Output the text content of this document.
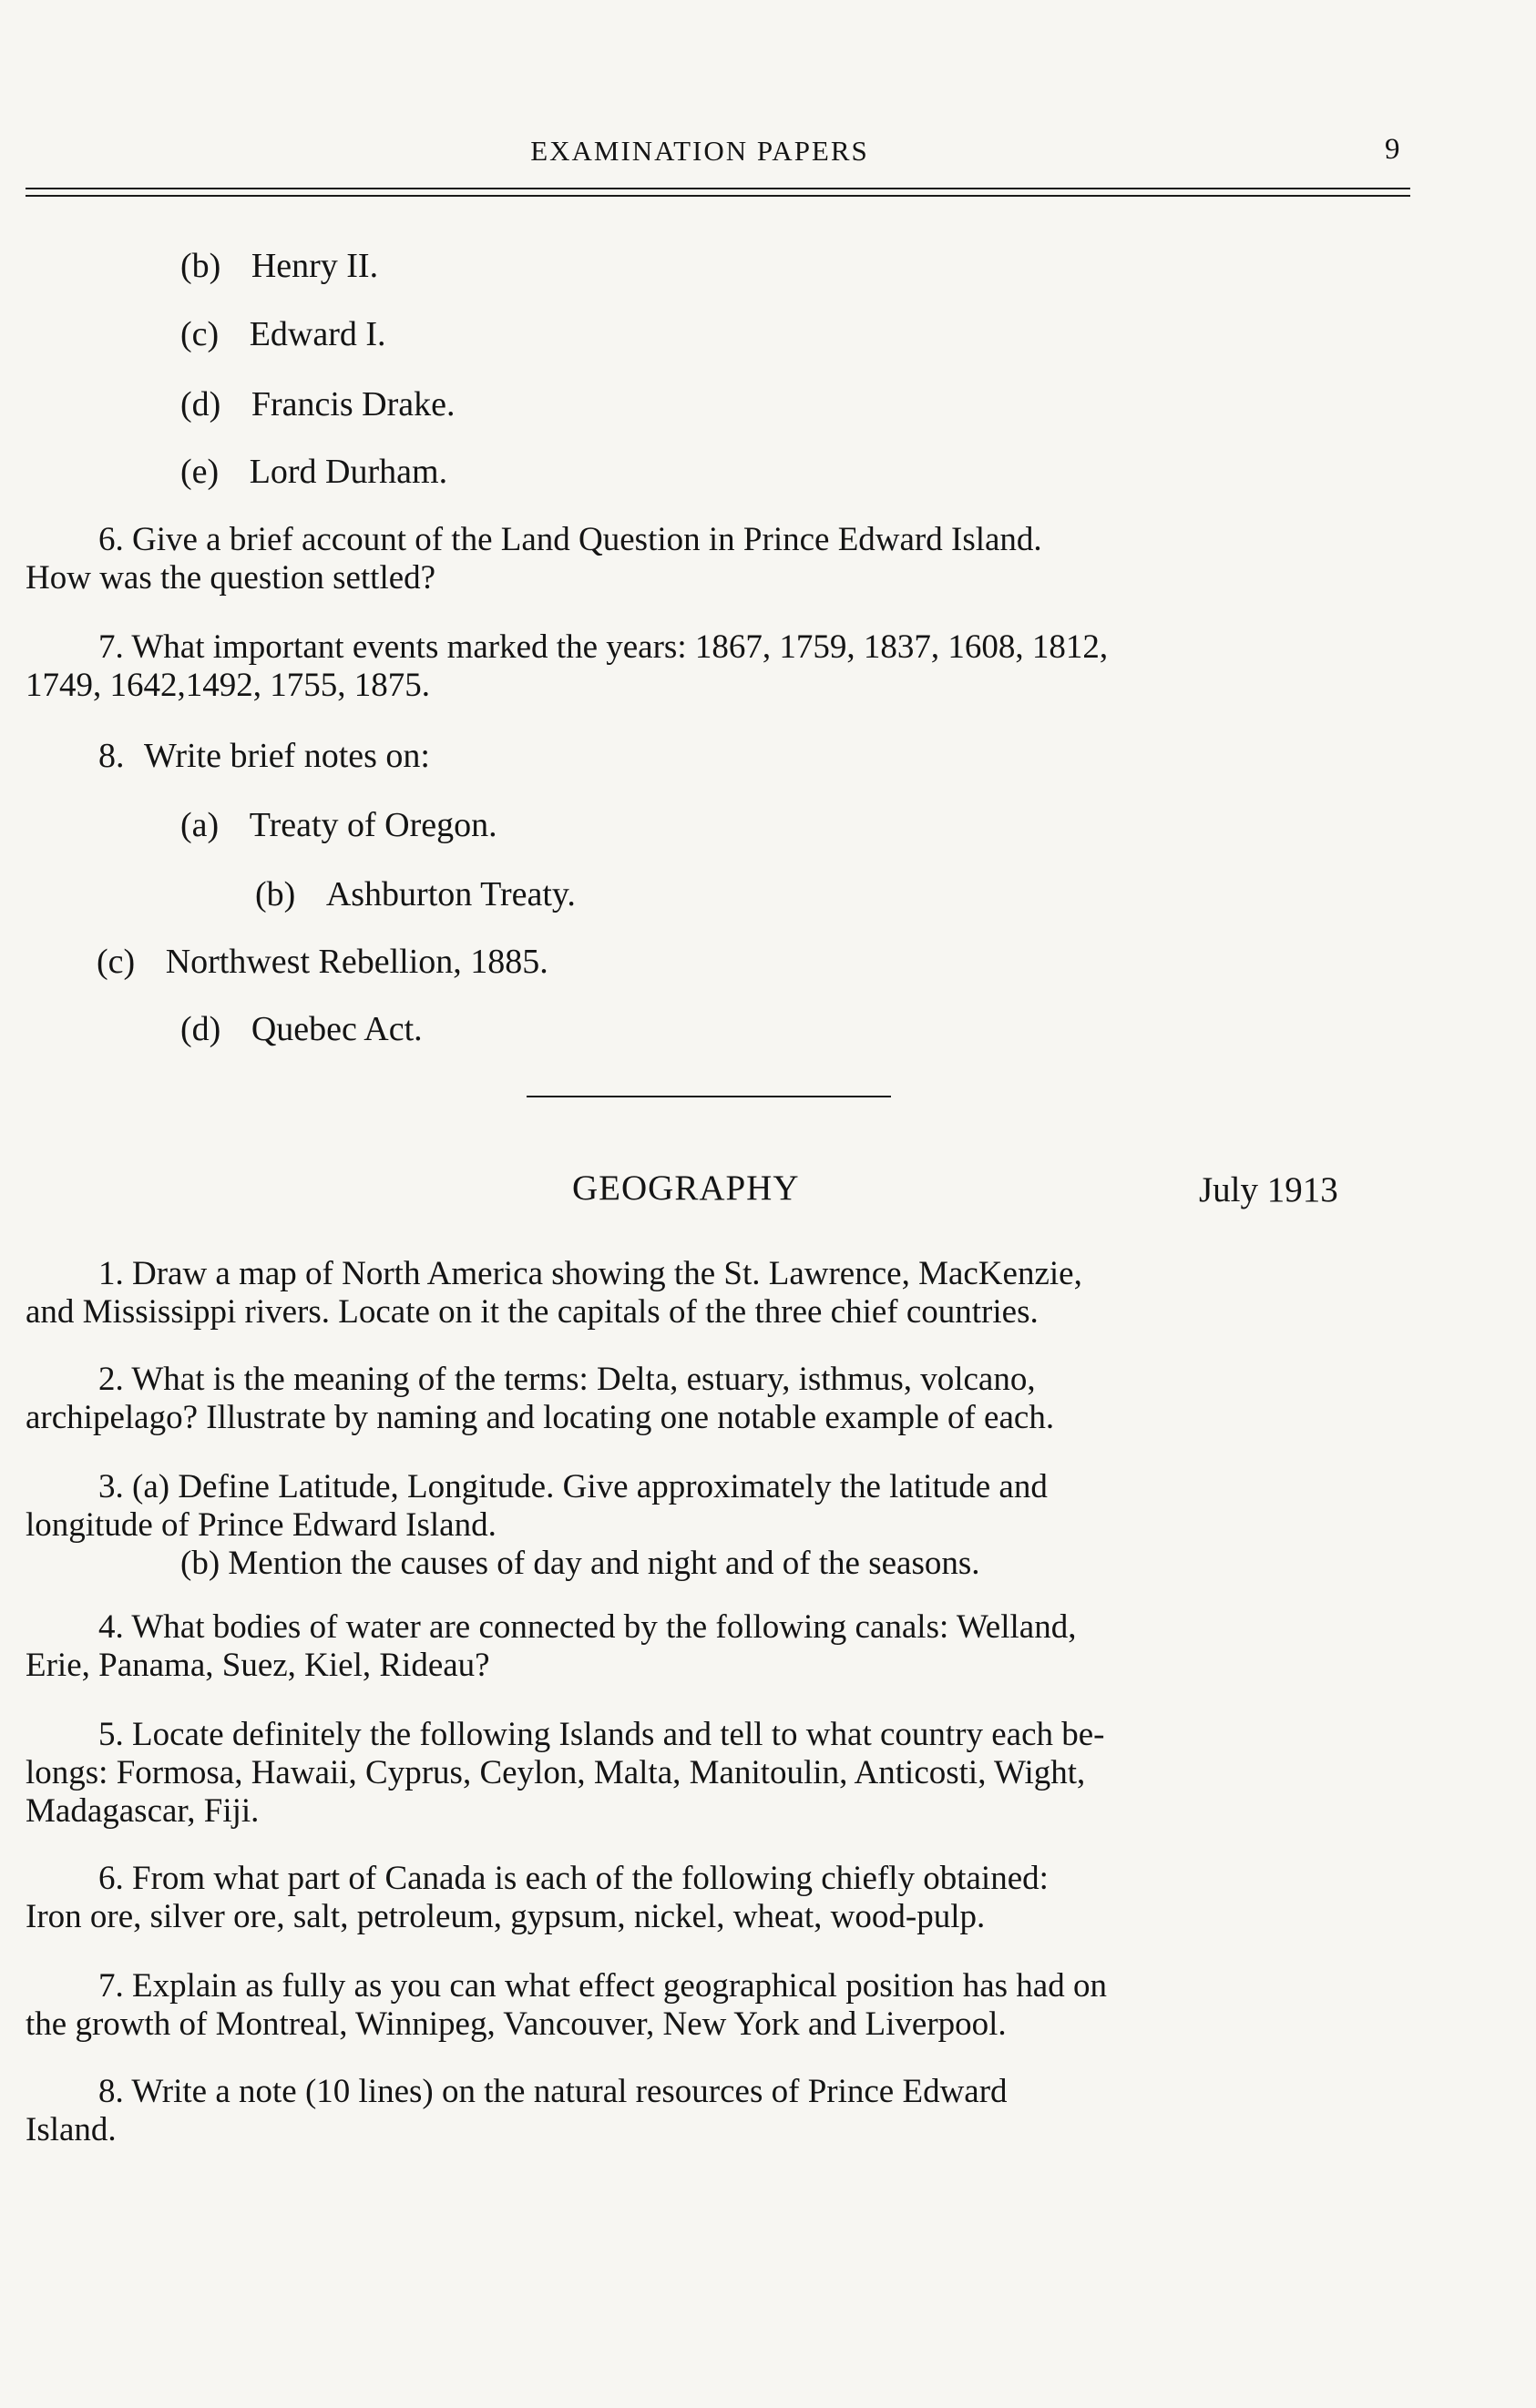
EXAMINATION PAPERS	9
(b) Henry II.
(c) Edward I.
(d) Francis Drake.
(e) Lord Durham.
6. Give a brief account of the Land Question in Prince Edward Island.
How was the question settled?
7. What important events marked the years: 1867, 1759, 1837, 1608, 1812,
1749, 1642,1492, 1755, 1875.
8. Write brief notes on:
(a) Treaty of Oregon.
(b) Ashburton Treaty.
(c) Northwest Rebellion, 1885.
(d) Quebec Act.
GEOGRAPHY	July 1913
1. Draw a map of North America showing the St. Lawrence, MacKenzie,
and Mississippi rivers. Locate on it the capitals of the three chief countries.
2. What is the meaning of the terms: Delta, estuary, isthmus, volcano,
archipelago? Illustrate by naming and locating one notable example of each.
3. (a) Define Latitude, Longitude. Give approximately the latitude and
longitude of Prince Edward Island.
(b) Mention the causes of day and night and of the seasons.
4. What bodies of water are connected by the following canals: Welland,
Erie, Panama, Suez, Kiel, Rideau?
5. Locate definitely the following Islands and tell to what country each be-
longs: Formosa, Hawaii, Cyprus, Ceylon, Malta, Manitoulin, Anticosti, Wight,
Madagascar, Fiji.
6. From what part of Canada is each of the following chiefly obtained:
Iron ore, silver ore, salt, petroleum, gypsum, nickel, wheat, wood-pulp.
7. Explain as fully as you can what effect geographical position has had on
the growth of Montreal, Winnipeg, Vancouver, New York and Liverpool.
8. Write a note (10 lines) on the natural resources of Prince Edward
Island.
